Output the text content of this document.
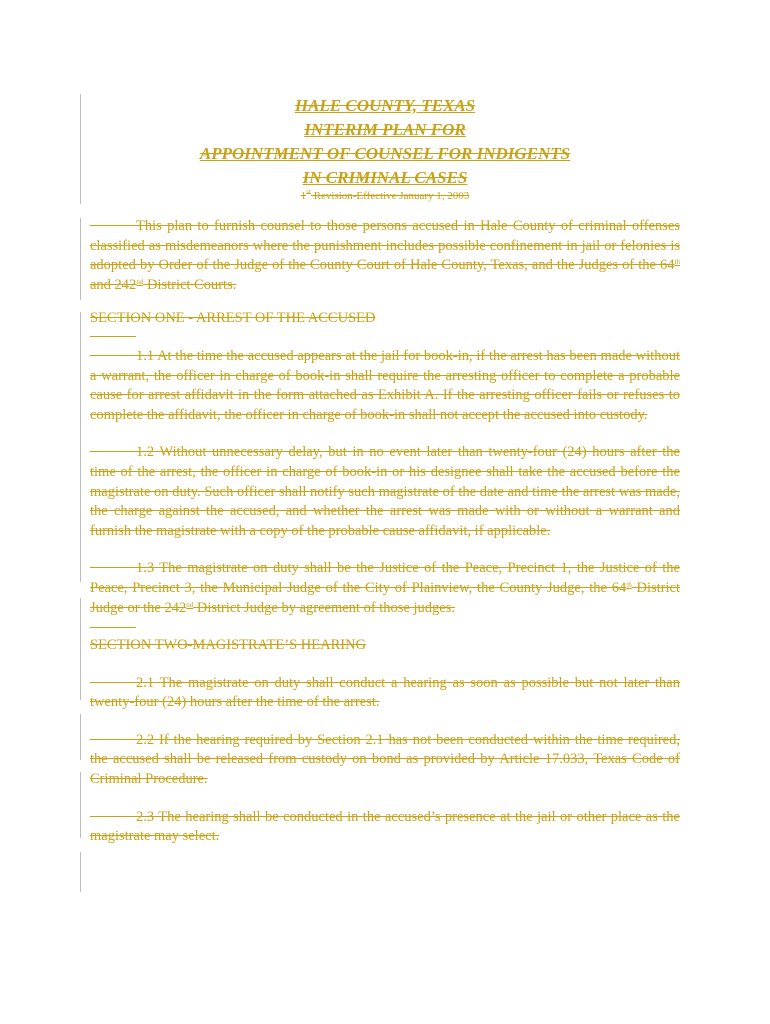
HALE COUNTY, TEXAS
INTERIM PLAN FOR
APPOINTMENT OF COUNSEL FOR INDIGENTS
IN CRIMINAL CASES
1st Revision-Effective January 1, 2003

This plan to furnish counsel to those persons accused in Hale County of criminal offenses classified as misdemeanors where the punishment includes possible confinement in jail or felonies is adopted by Order of the Judge of the County Court of Hale County, Texas, and the Judges of the 64th and 242nd District Courts.

SECTION ONE - ARREST OF THE ACCUSED

1.1 At the time the accused appears at the jail for book-in, if the arrest has been made without a warrant, the officer in charge of book-in shall require the arresting officer to complete a probable cause for arrest affidavit in the form attached as Exhibit A. If the arresting officer fails or refuses to complete the affidavit, the officer in charge of book-in shall not accept the accused into custody.

1.2 Without unnecessary delay, but in no event later than twenty-four (24) hours after the time of the arrest, the officer in charge of book-in or his designee shall take the accused before the magistrate on duty. Such officer shall notify such magistrate of the date and time the arrest was made, the charge against the accused, and whether the arrest was made with or without a warrant and furnish the magistrate with a copy of the probable cause affidavit, if applicable.

1.3 The magistrate on duty shall be the Justice of the Peace, Precinct 1, the Justice of the Peace, Precinct 3, the Municipal Judge of the City of Plainview, the County Judge, the 64th District Judge or the 242nd District Judge by agreement of those judges.

SECTION TWO-MAGISTRATE’S HEARING

2.1 The magistrate on duty shall conduct a hearing as soon as possible but not later than twenty-four (24) hours after the time of the arrest.

2.2 If the hearing required by Section 2.1 has not been conducted within the time required, the accused shall be released from custody on bond as provided by Article 17.033, Texas Code of Criminal Procedure.

2.3 The hearing shall be conducted in the accused’s presence at the jail or other place as the magistrate may select.
